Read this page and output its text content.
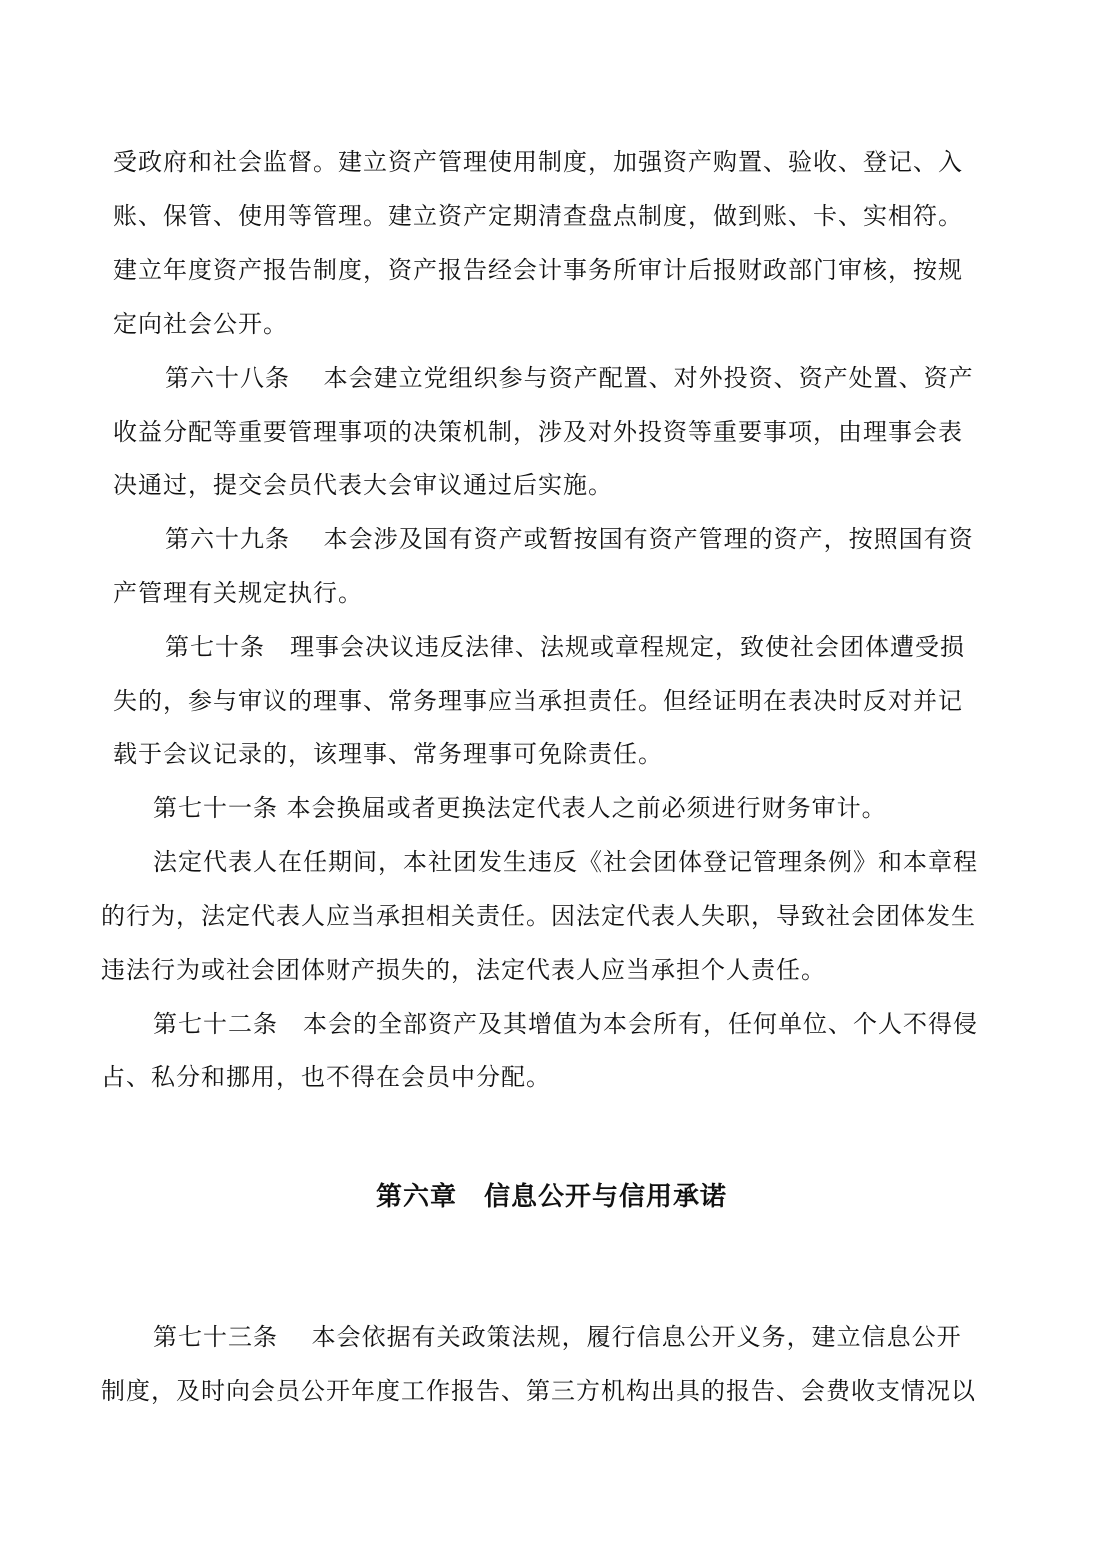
受政府和社会监督。建立资产管理使用制度，加强资产购置、验收、登记、入
账、保管、使用等管理。建立资产定期清查盘点制度，做到账、卡、实相符。
建立年度资产报告制度，资产报告经会计事务所审计后报财政部门审核，按规
定向社会公开。
第六十八条　 本会建立党组织参与资产配置、对外投资、资产处置、资产
收益分配等重要管理事项的决策机制，涉及对外投资等重要事项，由理事会表
决通过，提交会员代表大会审议通过后实施。
第六十九条　 本会涉及国有资产或暂按国有资产管理的资产，按照国有资
产管理有关规定执行。
第七十条　理事会决议违反法律、法规或章程规定，致使社会团体遭受损
失的，参与审议的理事、常务理事应当承担责任。但经证明在表决时反对并记
载于会议记录的，该理事、常务理事可免除责任。
第七十一条 本会换届或者更换法定代表人之前必须进行财务审计。
法定代表人在任期间，本社团发生违反《社会团体登记管理条例》和本章程
的行为，法定代表人应当承担相关责任。因法定代表人失职，导致社会团体发生
违法行为或社会团体财产损失的，法定代表人应当承担个人责任。
第七十二条　本会的全部资产及其增值为本会所有，任何单位、个人不得侵
占、私分和挪用，也不得在会员中分配。
第六章　信息公开与信用承诺
第七十三条　 本会依据有关政策法规，履行信息公开义务，建立信息公开
制度，及时向会员公开年度工作报告、第三方机构出具的报告、会费收支情况以
